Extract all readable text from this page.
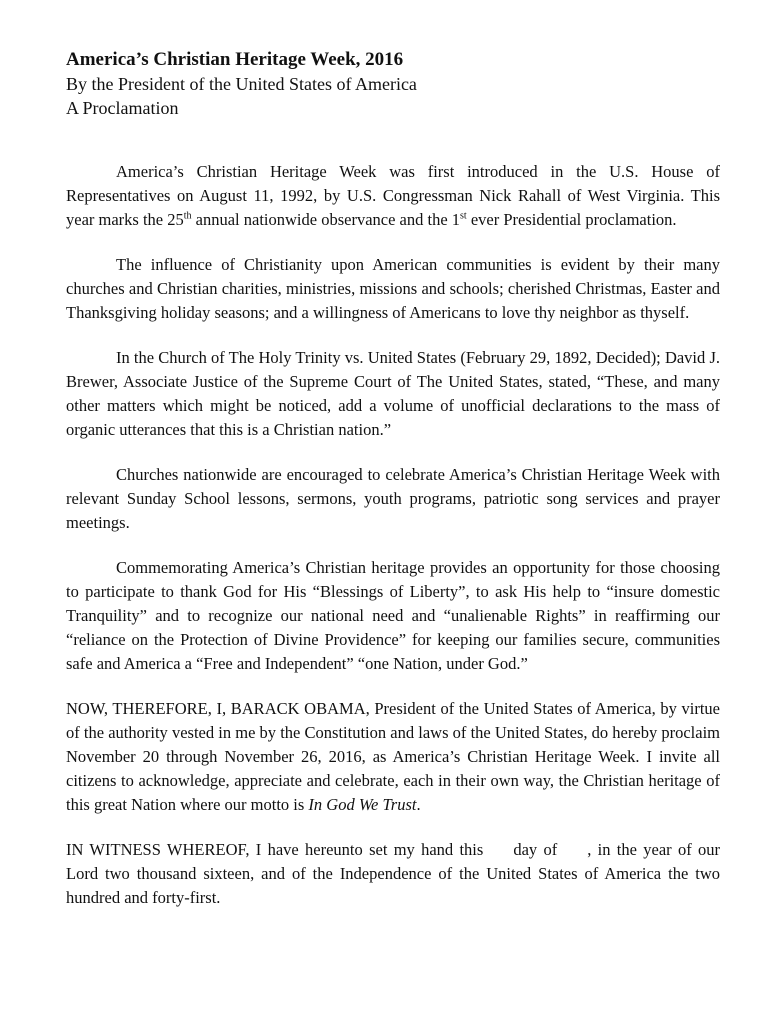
America’s Christian Heritage Week, 2016

By the President of the United States of America

A Proclamation

America’s Christian Heritage Week was first introduced in the U.S. House of Representatives on August 11, 1992, by U.S. Congressman Nick Rahall of West Virginia. This year marks the 25th annual nationwide observance and the 1st ever Presidential proclamation.

The influence of Christianity upon American communities is evident by their many churches and Christian charities, ministries, missions and schools; cherished Christmas, Easter and Thanksgiving holiday seasons; and a willingness of Americans to love thy neighbor as thyself.

In the Church of The Holy Trinity vs. United States (February 29, 1892, Decided); David J. Brewer, Associate Justice of the Supreme Court of The United States, stated, “These, and many other matters which might be noticed, add a volume of unofficial declarations to the mass of organic utterances that this is a Christian nation.”

Churches nationwide are encouraged to celebrate America’s Christian Heritage Week with relevant Sunday School lessons, sermons, youth programs, patriotic song services and prayer meetings.

Commemorating America’s Christian heritage provides an opportunity for those choosing to participate to thank God for His “Blessings of Liberty”, to ask His help to “insure domestic Tranquility” and to recognize our national need and “unalienable Rights” in reaffirming our “reliance on the Protection of Divine Providence” for keeping our families secure, communities safe and America a “Free and Independent” “one Nation, under God.”

NOW, THEREFORE, I, BARACK OBAMA, President of the United States of America, by virtue of the authority vested in me by the Constitution and laws of the United States, do hereby proclaim November 20 through November 26, 2016, as America’s Christian Heritage Week. I invite all citizens to acknowledge, appreciate and celebrate, each in their own way, the Christian heritage of this great Nation where our motto is In God We Trust.

IN WITNESS WHEREOF, I have hereunto set my hand this day of , in the year of our Lord two thousand sixteen, and of the Independence of the United States of America the two hundred and forty-first.
